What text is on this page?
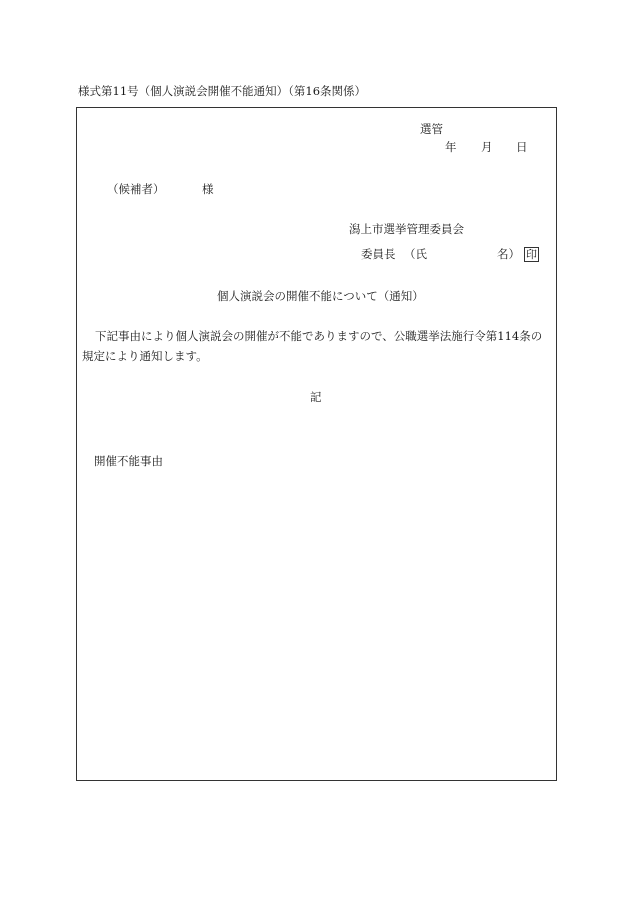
様式第11号（個人演説会開催不能通知）（第16条関係）
選管
年 月 日
（候補者）	様
潟上市選挙管理委員会
委員長 （氏	名） 印
個人演説会の開催不能について（通知）
下記事由により個人演説会の開催が不能でありますので、公職選挙法施行令第114条の
規定により通知します。
記
開催不能事由
